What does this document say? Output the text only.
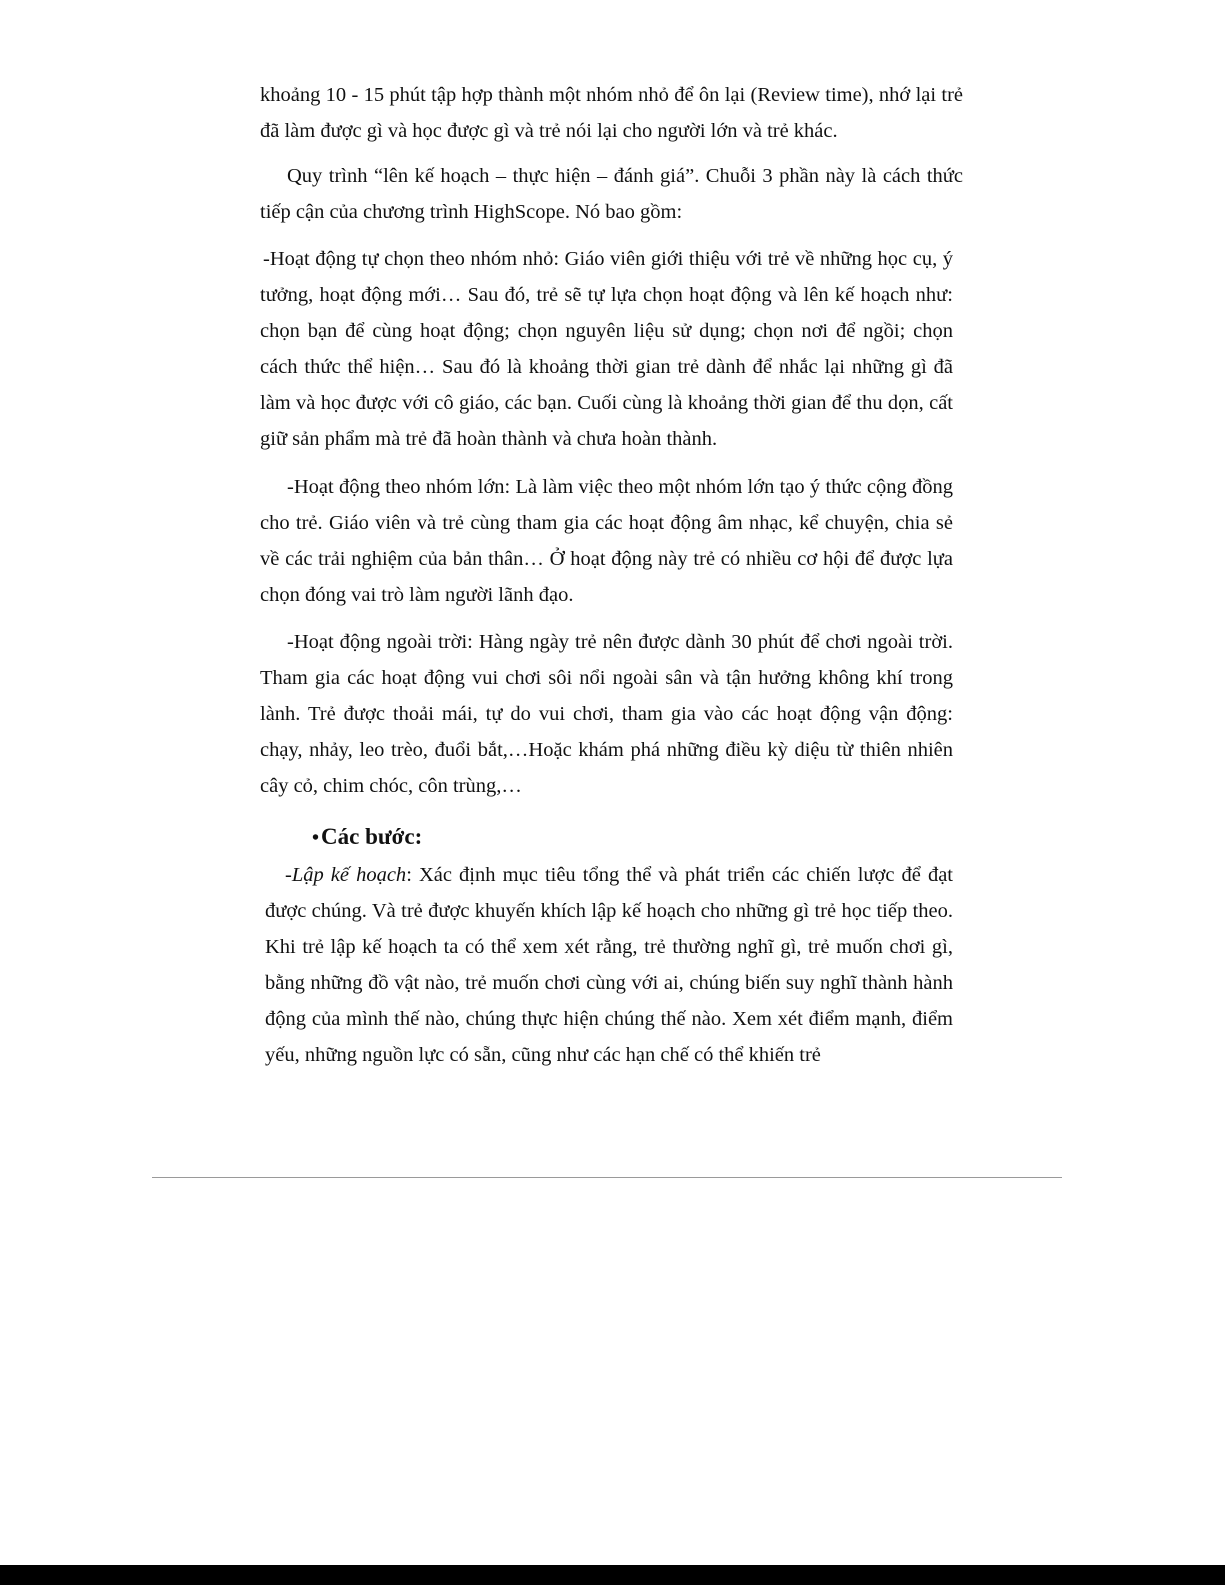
khoảng 10 - 15 phút tập hợp thành một nhóm nhỏ để ôn lại (Review time), nhớ lại trẻ đã làm được gì và học được gì và trẻ nói lại cho người lớn và trẻ khác.

Quy trình “lên kế hoạch – thực hiện – đánh giá”. Chuỗi 3 phần này là cách thức tiếp cận của chương trình HighScope. Nó bao gồm:

-Hoạt động tự chọn theo nhóm nhỏ: Giáo viên giới thiệu với trẻ về những học cụ, ý tưởng, hoạt động mới… Sau đó, trẻ sẽ tự lựa chọn hoạt động và lên kế hoạch như: chọn bạn để cùng hoạt động; chọn nguyên liệu sử dụng; chọn nơi để ngồi; chọn cách thức thể hiện… Sau đó là khoảng thời gian trẻ dành để nhắc lại những gì đã làm và học được với cô giáo, các bạn. Cuối cùng là khoảng thời gian để thu dọn, cất giữ sản phẩm mà trẻ đã hoàn thành và chưa hoàn thành.

-Hoạt động theo nhóm lớn: Là làm việc theo một nhóm lớn tạo ý thức cộng đồng cho trẻ. Giáo viên và trẻ cùng tham gia các hoạt động âm nhạc, kể chuyện, chia sẻ về các trải nghiệm của bản thân… Ở hoạt động này trẻ có nhiều cơ hội để được lựa chọn đóng vai trò làm người lãnh đạo.

-Hoạt động ngoài trời: Hàng ngày trẻ nên được dành 30 phút để chơi ngoài trời. Tham gia các hoạt động vui chơi sôi nổi ngoài sân và tận hưởng không khí trong lành. Trẻ được thoải mái, tự do vui chơi, tham gia vào các hoạt động vận động: chạy, nhảy, leo trèo, đuổi bắt,…Hoặc khám phá những điều kỳ diệu từ thiên nhiên cây cỏ, chim chóc, côn trùng,…

•Các bước:

-Lập kế hoạch: Xác định mục tiêu tổng thể và phát triển các chiến lược để đạt được chúng. Và trẻ được khuyến khích lập kế hoạch cho những gì trẻ học tiếp theo. Khi trẻ lập kế hoạch ta có thể xem xét rằng, trẻ thường nghĩ gì, trẻ muốn chơi gì, bằng những đồ vật nào, trẻ muốn chơi cùng với ai, chúng biến suy nghĩ thành hành động của mình thế nào, chúng thực hiện chúng thế nào. Xem xét điểm mạnh, điểm yếu, những nguồn lực có sẵn, cũng như các hạn chế có thể khiến trẻ
